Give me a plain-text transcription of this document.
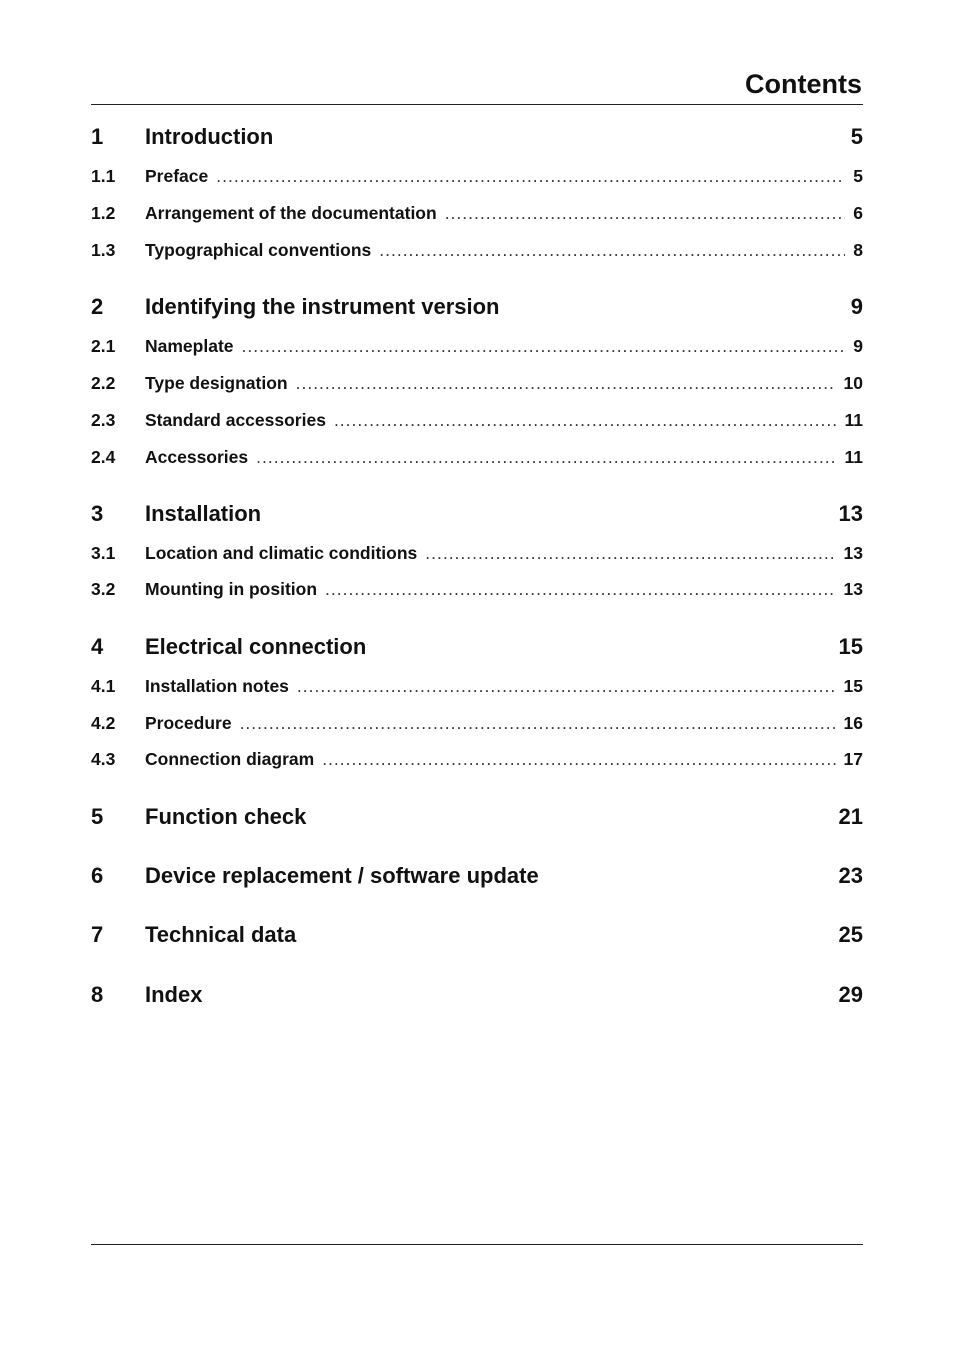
Contents
1	Introduction	5
1.1	Preface .....	5
1.2	Arrangement of the documentation .....	6
1.3	Typographical conventions .....	8
2	Identifying the instrument version	9
2.1	Nameplate .....	9
2.2	Type designation .....	10
2.3	Standard accessories .....	11
2.4	Accessories .....	11
3	Installation	13
3.1	Location and climatic conditions .....	13
3.2	Mounting in position .....	13
4	Electrical connection	15
4.1	Installation notes .....	15
4.2	Procedure .....	16
4.3	Connection diagram .....	17
5	Function check	21
6	Device replacement / software update	23
7	Technical data	25
8	Index	29
